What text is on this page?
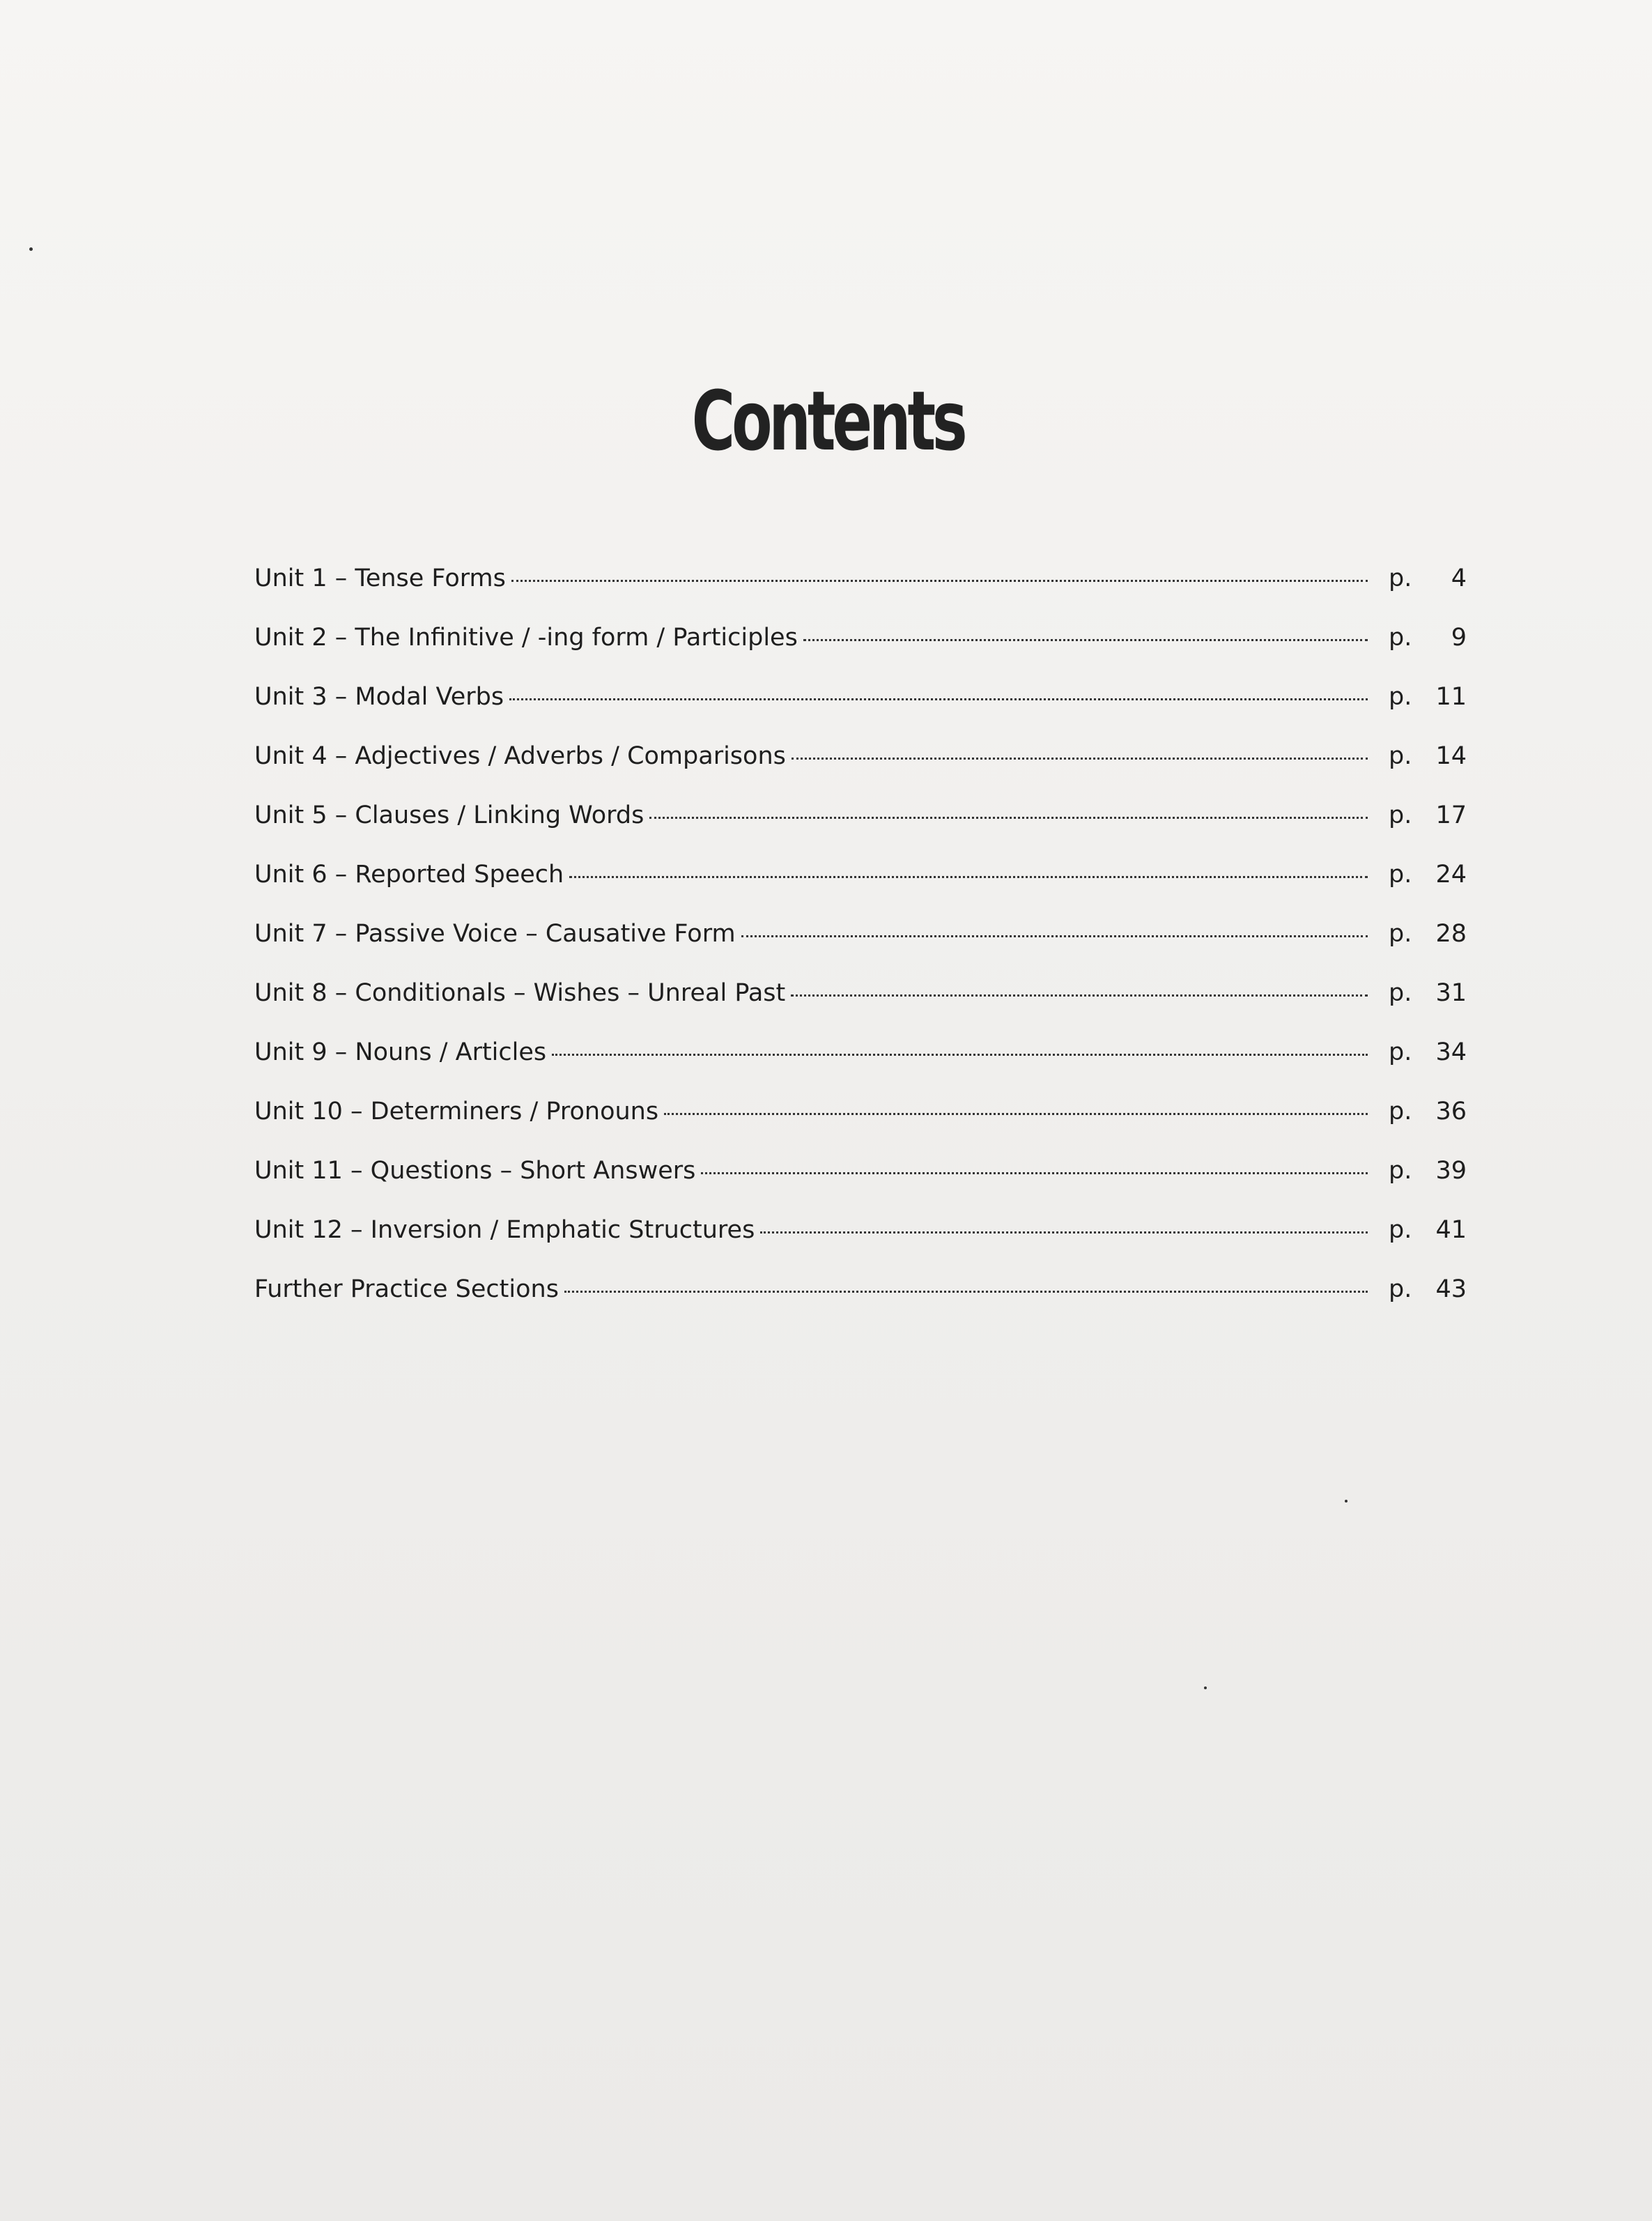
Contents
Unit 1 – Tense Forms	p.	4
Unit 2 – The Infinitive / -ing form / Participles	p.	9
Unit 3 – Modal Verbs	p. 11
Unit 4 – Adjectives / Adverbs / Comparisons	p. 14
Unit 5 – Clauses / Linking Words	p. 17
Unit 6 – Reported Speech	p. 24
Unit 7 – Passive Voice – Causative Form	p. 28
Unit 8 – Conditionals – Wishes – Unreal Past	p. 31
Unit 9 – Nouns / Articles	p. 34
Unit 10 – Determiners / Pronouns	p. 36
Unit 11 – Questions – Short Answers	p. 39
Unit 12 – Inversion / Emphatic Structures	p. 41
Further Practice Sections	p. 43
